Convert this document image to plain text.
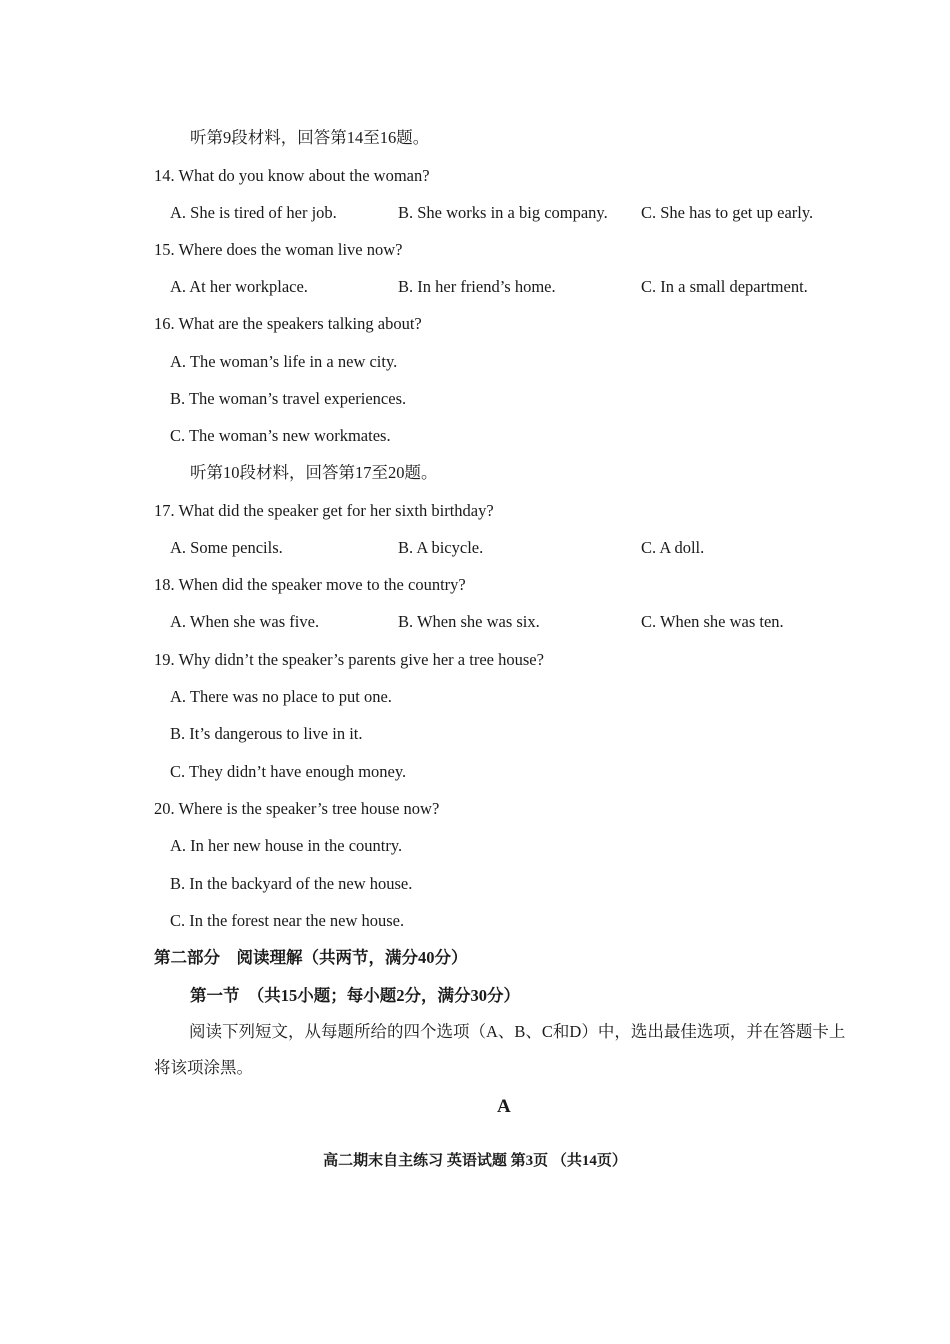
听第9段材料，回答第14至16题。
14. What do you know about the woman?
A. She is tired of her job.	B. She works in a big company. C. She has to get up early.
15. Where does the woman live now?
A. At her workplace.	B. In her friend’s home.	C. In a small department.
16. What are the speakers talking about?
A. The woman’s life in a new city.
B. The woman’s travel experiences.
C. The woman’s new workmates.
听第10段材料，回答第17至20题。
17. What did the speaker get for her sixth birthday?
A. Some pencils.	B. A bicycle.	C. A doll.
18. When did the speaker move to the country?
A. When she was five.	B. When she was six.	C. When she was ten.
19. Why didn’t the speaker’s parents give her a tree house?
A. There was no place to put one.
B. It’s dangerous to live in it.
C. They didn’t have enough money.
20. Where is the speaker’s tree house now?
A. In her new house in the country.
B. In the backyard of the new house.
C. In the forest near the new house.
第二部分　阅读理解（共两节，满分40分）
第一节　（共15小题；每小题2分，满分30分）
阅读下列短文，从每题所给的四个选项（A、B、C和D）中，选出最佳选项，并在答题卡上将该项涂黑。
A
高二期末自主练习 英语试题 第3页 （共14页）
